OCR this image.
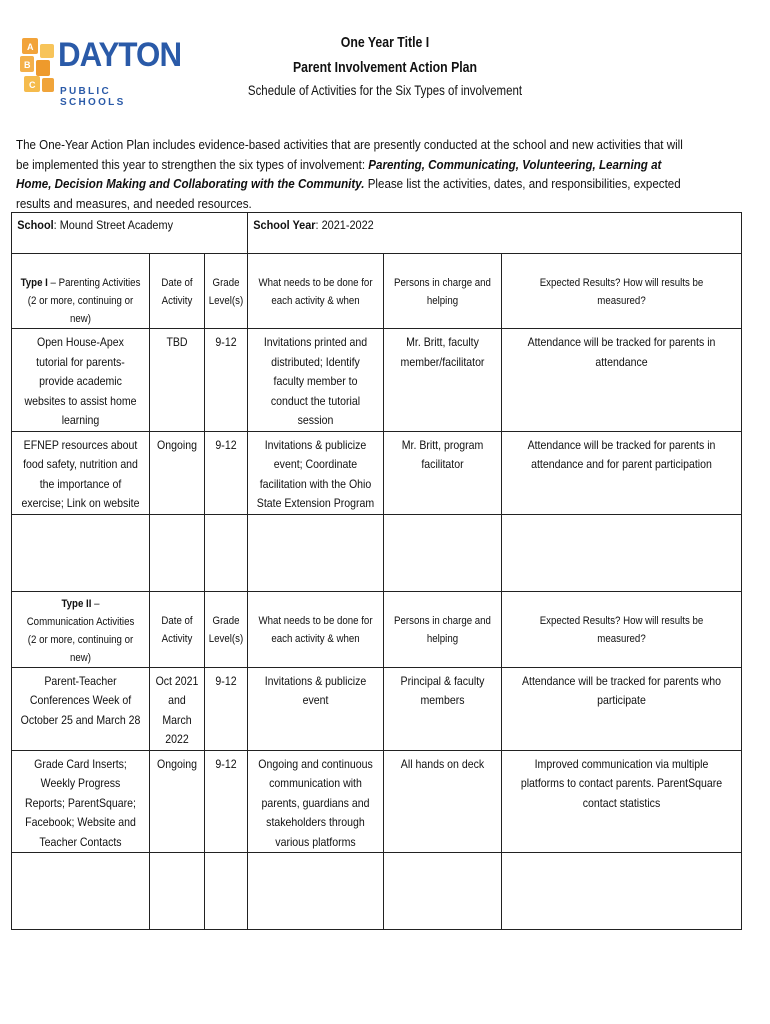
A
B
C
DAYTON
PUBLIC SCHOOLS
One Year Title I
Parent Involvement Action Plan
Schedule of Activities for the Six Types of involvement
The One-Year Action Plan includes evidence-based activities that are presently conducted at the school and new activities that will be implemented this year to strengthen the six types of involvement: Parenting, Communicating, Volunteering, Learning at Home, Decision Making and Collaborating with the Community. Please list the activities, dates, and responsibilities, expected results and measures, and needed resources.
School: Mound Street Academy			School Year: 2021-2022		

Type I – Parenting Activities
(2 or more, continuing or new)	Date of Activity	Grade Level(s)	What needs to be done for each activity & when	Persons in charge and helping	Expected Results? How will results be measured?

Open House-Apex tutorial for parents-provide academic websites to assist home learning	TBD	9-12	Invitations printed and distributed; Identify faculty member to conduct the tutorial session	Mr. Britt, faculty member/facilitator	Attendance will be tracked for parents in attendance

EFNEP resources about food safety, nutrition and the importance of exercise; Link on website	Ongoing	9-12	Invitations & publicize event; Coordinate facilitation with the Ohio State Extension Program	Mr. Britt, program facilitator	Attendance will be tracked for parents in attendance and for parent participation

Type II –
Communication Activities
(2 or more, continuing or new)	Date of Activity	Grade Level(s)	What needs to be done for each activity & when	Persons in charge and helping	Expected Results? How will results be measured?

Parent-Teacher Conferences Week of October 25 and March 28	Oct 2021 and March 2022	9-12	Invitations & publicize event	Principal & faculty members	Attendance will be tracked for parents who participate

Grade Card Inserts; Weekly Progress Reports; ParentSquare; Facebook; Website and Teacher Contacts	Ongoing	9-12	Ongoing and continuous communication with parents, guardians and stakeholders through various platforms	All hands on deck	Improved communication via multiple platforms to contact parents. ParentSquare contact statistics
